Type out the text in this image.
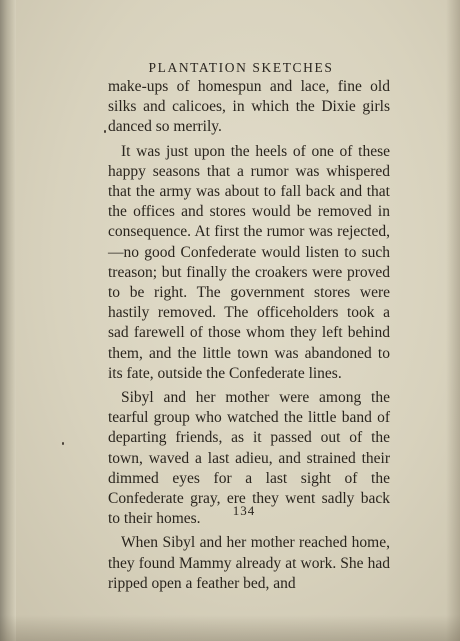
PLANTATION SKETCHES

make-ups of homespun and lace, fine old silks and calicoes, in which the Dixie girls danced so merrily.

It was just upon the heels of one of these happy seasons that a rumor was whispered that the army was about to fall back and that the offices and stores would be removed in consequence. At first the rumor was rejected,—no good Confederate would listen to such treason; but finally the croakers were proved to be right. The government stores were hastily removed. The officeholders took a sad farewell of those whom they left behind them, and the little town was abandoned to its fate, outside the Confederate lines.

Sibyl and her mother were among the tearful group who watched the little band of departing friends, as it passed out of the town, waved a last adieu, and strained their dimmed eyes for a last sight of the Confederate gray, ere they went sadly back to their homes.

When Sibyl and her mother reached home, they found Mammy already at work. She had ripped open a feather bed, and

134
